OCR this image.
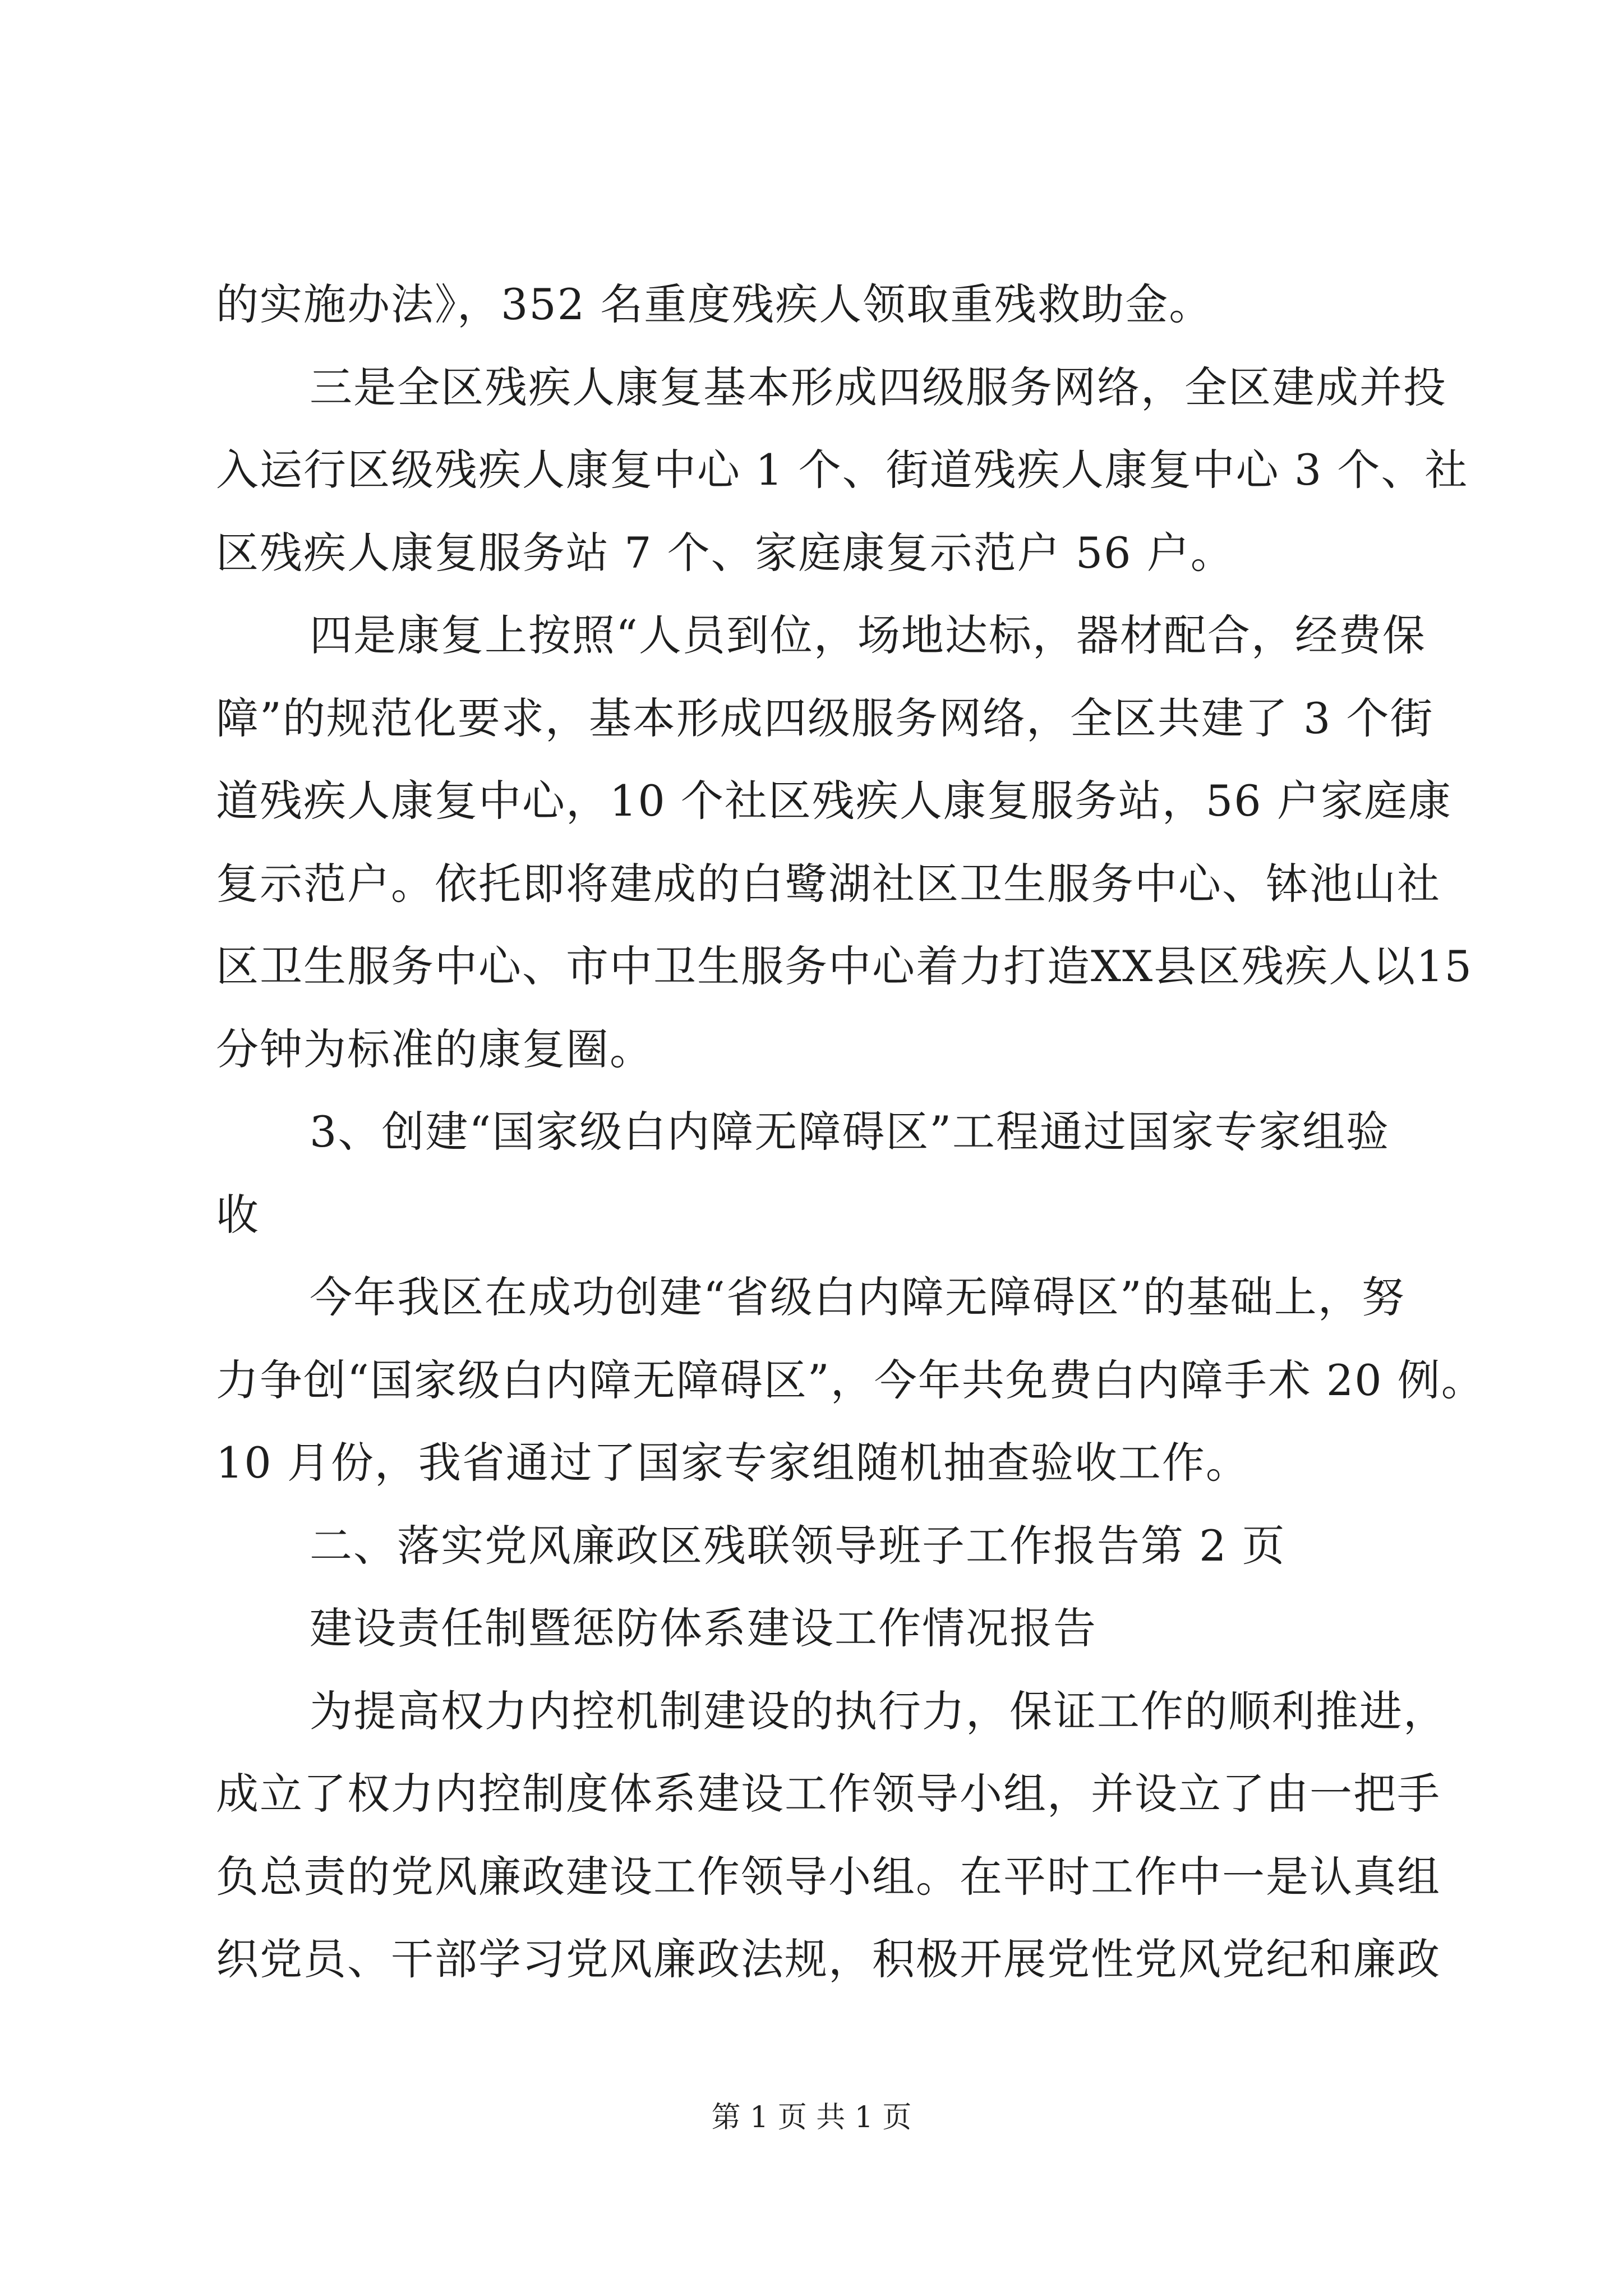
的实施办法》，352 名重度残疾人领取重残救助金。
三是全区残疾人康复基本形成四级服务网络，全区建成并投
入运行区级残疾人康复中心 1 个、街道残疾人康复中心 3 个、社
区残疾人康复服务站 7 个、家庭康复示范户 56 户。
四是康复上按照“人员到位，场地达标，器材配合，经费保
障”的规范化要求，基本形成四级服务网络，全区共建了 3 个街
道残疾人康复中心，10 个社区残疾人康复服务站，56 户家庭康
复示范户。依托即将建成的白鹭湖社区卫生服务中心、钵池山社
区卫生服务中心、市中卫生服务中心着力打造XX县区残疾人以15
分钟为标准的康复圈。
3、创建“国家级白内障无障碍区”工程通过国家专家组验
收
今年我区在成功创建“省级白内障无障碍区”的基础上，努
力争创“国家级白内障无障碍区”，今年共免费白内障手术 20 例。
10 月份，我省通过了国家专家组随机抽查验收工作。
二、落实党风廉政区残联领导班子工作报告第 2 页
建设责任制暨惩防体系建设工作情况报告
为提高权力内控机制建设的执行力，保证工作的顺利推进，
成立了权力内控制度体系建设工作领导小组，并设立了由一把手
负总责的党风廉政建设工作领导小组。在平时工作中一是认真组
织党员、干部学习党风廉政法规，积极开展党性党风党纪和廉政
第 1 页 共 1 页
